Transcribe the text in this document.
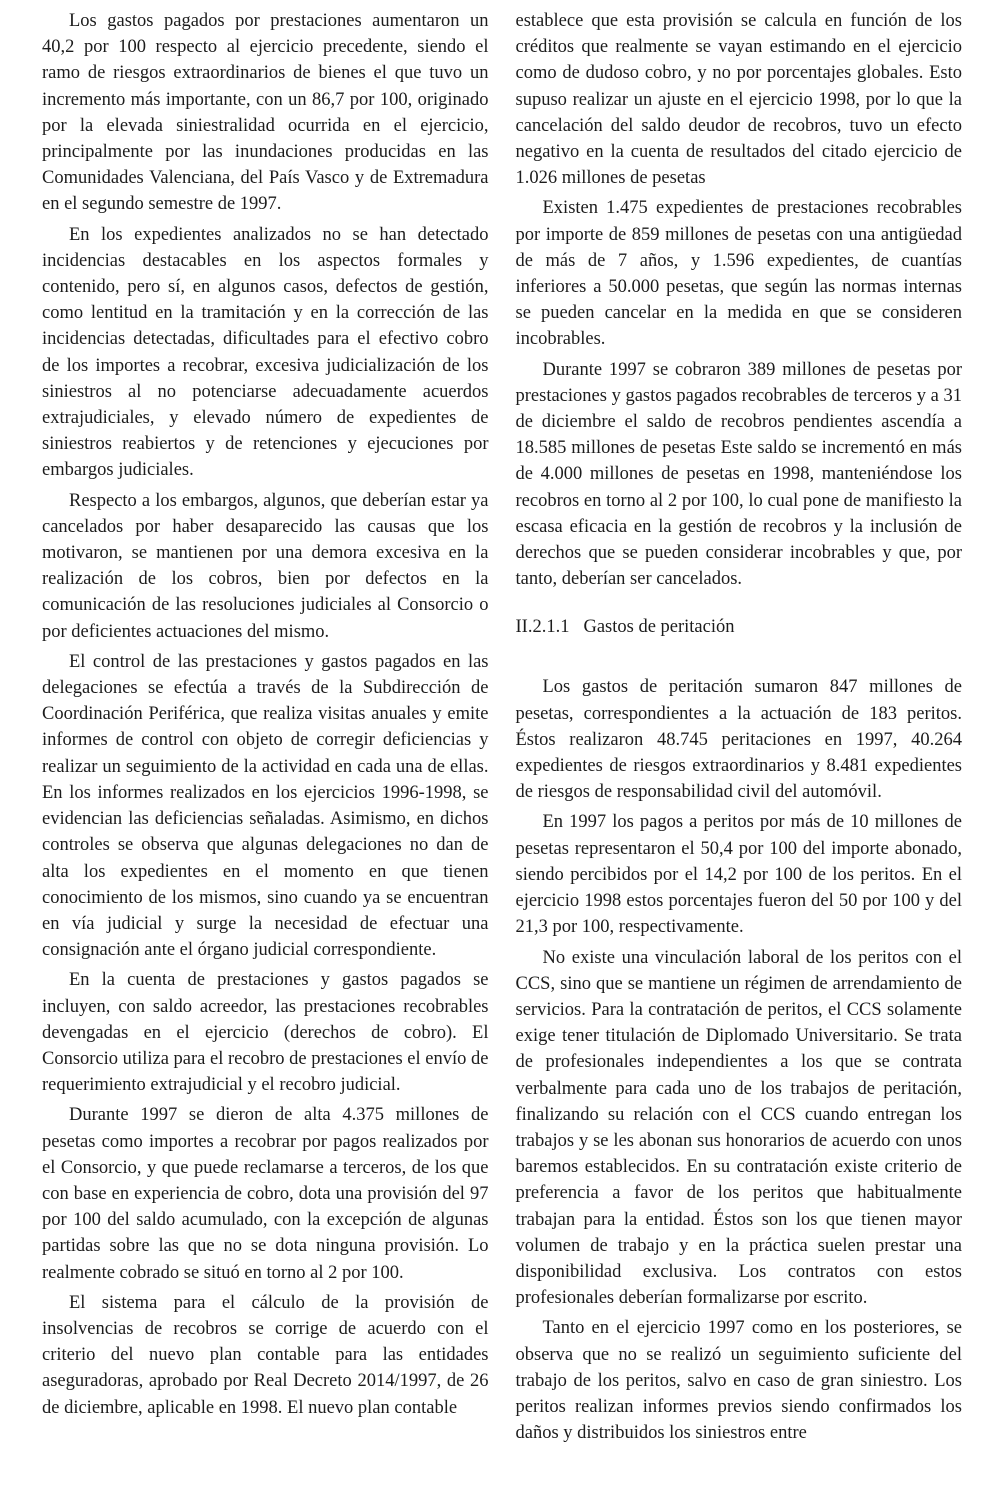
Los gastos pagados por prestaciones aumentaron un 40,2 por 100 respecto al ejercicio precedente, siendo el ramo de riesgos extraordinarios de bienes el que tuvo un incremento más importante, con un 86,7 por 100, originado por la elevada siniestralidad ocurrida en el ejercicio, principalmente por las inundaciones producidas en las Comunidades Valenciana, del País Vasco y de Extremadura en el segundo semestre de 1997.

En los expedientes analizados no se han detectado incidencias destacables en los aspectos formales y contenido, pero sí, en algunos casos, defectos de gestión, como lentitud en la tramitación y en la corrección de las incidencias detectadas, dificultades para el efectivo cobro de los importes a recobrar, excesiva judicialización de los siniestros al no potenciarse adecuadamente acuerdos extrajudiciales, y elevado número de expedientes de siniestros reabiertos y de retenciones y ejecuciones por embargos judiciales.

Respecto a los embargos, algunos, que deberían estar ya cancelados por haber desaparecido las causas que los motivaron, se mantienen por una demora excesiva en la realización de los cobros, bien por defectos en la comunicación de las resoluciones judiciales al Consorcio o por deficientes actuaciones del mismo.

El control de las prestaciones y gastos pagados en las delegaciones se efectúa a través de la Subdirección de Coordinación Periférica, que realiza visitas anuales y emite informes de control con objeto de corregir deficiencias y realizar un seguimiento de la actividad en cada una de ellas. En los informes realizados en los ejercicios 1996-1998, se evidencian las deficiencias señaladas. Asimismo, en dichos controles se observa que algunas delegaciones no dan de alta los expedientes en el momento en que tienen conocimiento de los mismos, sino cuando ya se encuentran en vía judicial y surge la necesidad de efectuar una consignación ante el órgano judicial correspondiente.

En la cuenta de prestaciones y gastos pagados se incluyen, con saldo acreedor, las prestaciones recobrables devengadas en el ejercicio (derechos de cobro). El Consorcio utiliza para el recobro de prestaciones el envío de requerimiento extrajudicial y el recobro judicial.

Durante 1997 se dieron de alta 4.375 millones de pesetas como importes a recobrar por pagos realizados por el Consorcio, y que puede reclamarse a terceros, de los que con base en experiencia de cobro, dota una provisión del 97 por 100 del saldo acumulado, con la excepción de algunas partidas sobre las que no se dota ninguna provisión. Lo realmente cobrado se situó en torno al 2 por 100.

El sistema para el cálculo de la provisión de insolvencias de recobros se corrige de acuerdo con el criterio del nuevo plan contable para las entidades aseguradoras, aprobado por Real Decreto 2014/1997, de 26 de diciembre, aplicable en 1998. El nuevo plan contable

establece que esta provisión se calcula en función de los créditos que realmente se vayan estimando en el ejercicio como de dudoso cobro, y no por porcentajes globales. Esto supuso realizar un ajuste en el ejercicio 1998, por lo que la cancelación del saldo deudor de recobros, tuvo un efecto negativo en la cuenta de resultados del citado ejercicio de 1.026 millones de pesetas

Existen 1.475 expedientes de prestaciones recobrables por importe de 859 millones de pesetas con una antigüedad de más de 7 años, y 1.596 expedientes, de cuantías inferiores a 50.000 pesetas, que según las normas internas se pueden cancelar en la medida en que se consideren incobrables.

Durante 1997 se cobraron 389 millones de pesetas por prestaciones y gastos pagados recobrables de terceros y a 31 de diciembre el saldo de recobros pendientes ascendía a 18.585 millones de pesetas Este saldo se incrementó en más de 4.000 millones de pesetas en 1998, manteniéndose los recobros en torno al 2 por 100, lo cual pone de manifiesto la escasa eficacia en la gestión de recobros y la inclusión de derechos que se pueden considerar incobrables y que, por tanto, deberían ser cancelados.

II.2.1.1 Gastos de peritación

Los gastos de peritación sumaron 847 millones de pesetas, correspondientes a la actuación de 183 peritos. Éstos realizaron 48.745 peritaciones en 1997, 40.264 expedientes de riesgos extraordinarios y 8.481 expedientes de riesgos de responsabilidad civil del automóvil.

En 1997 los pagos a peritos por más de 10 millones de pesetas representaron el 50,4 por 100 del importe abonado, siendo percibidos por el 14,2 por 100 de los peritos. En el ejercicio 1998 estos porcentajes fueron del 50 por 100 y del 21,3 por 100, respectivamente.

No existe una vinculación laboral de los peritos con el CCS, sino que se mantiene un régimen de arrendamiento de servicios. Para la contratación de peritos, el CCS solamente exige tener titulación de Diplomado Universitario. Se trata de profesionales independientes a los que se contrata verbalmente para cada uno de los trabajos de peritación, finalizando su relación con el CCS cuando entregan los trabajos y se les abonan sus honorarios de acuerdo con unos baremos establecidos. En su contratación existe criterio de preferencia a favor de los peritos que habitualmente trabajan para la entidad. Éstos son los que tienen mayor volumen de trabajo y en la práctica suelen prestar una disponibilidad exclusiva. Los contratos con estos profesionales deberían formalizarse por escrito.

Tanto en el ejercicio 1997 como en los posteriores, se observa que no se realizó un seguimiento suficiente del trabajo de los peritos, salvo en caso de gran siniestro. Los peritos realizan informes previos siendo confirmados los daños y distribuidos los siniestros entre
